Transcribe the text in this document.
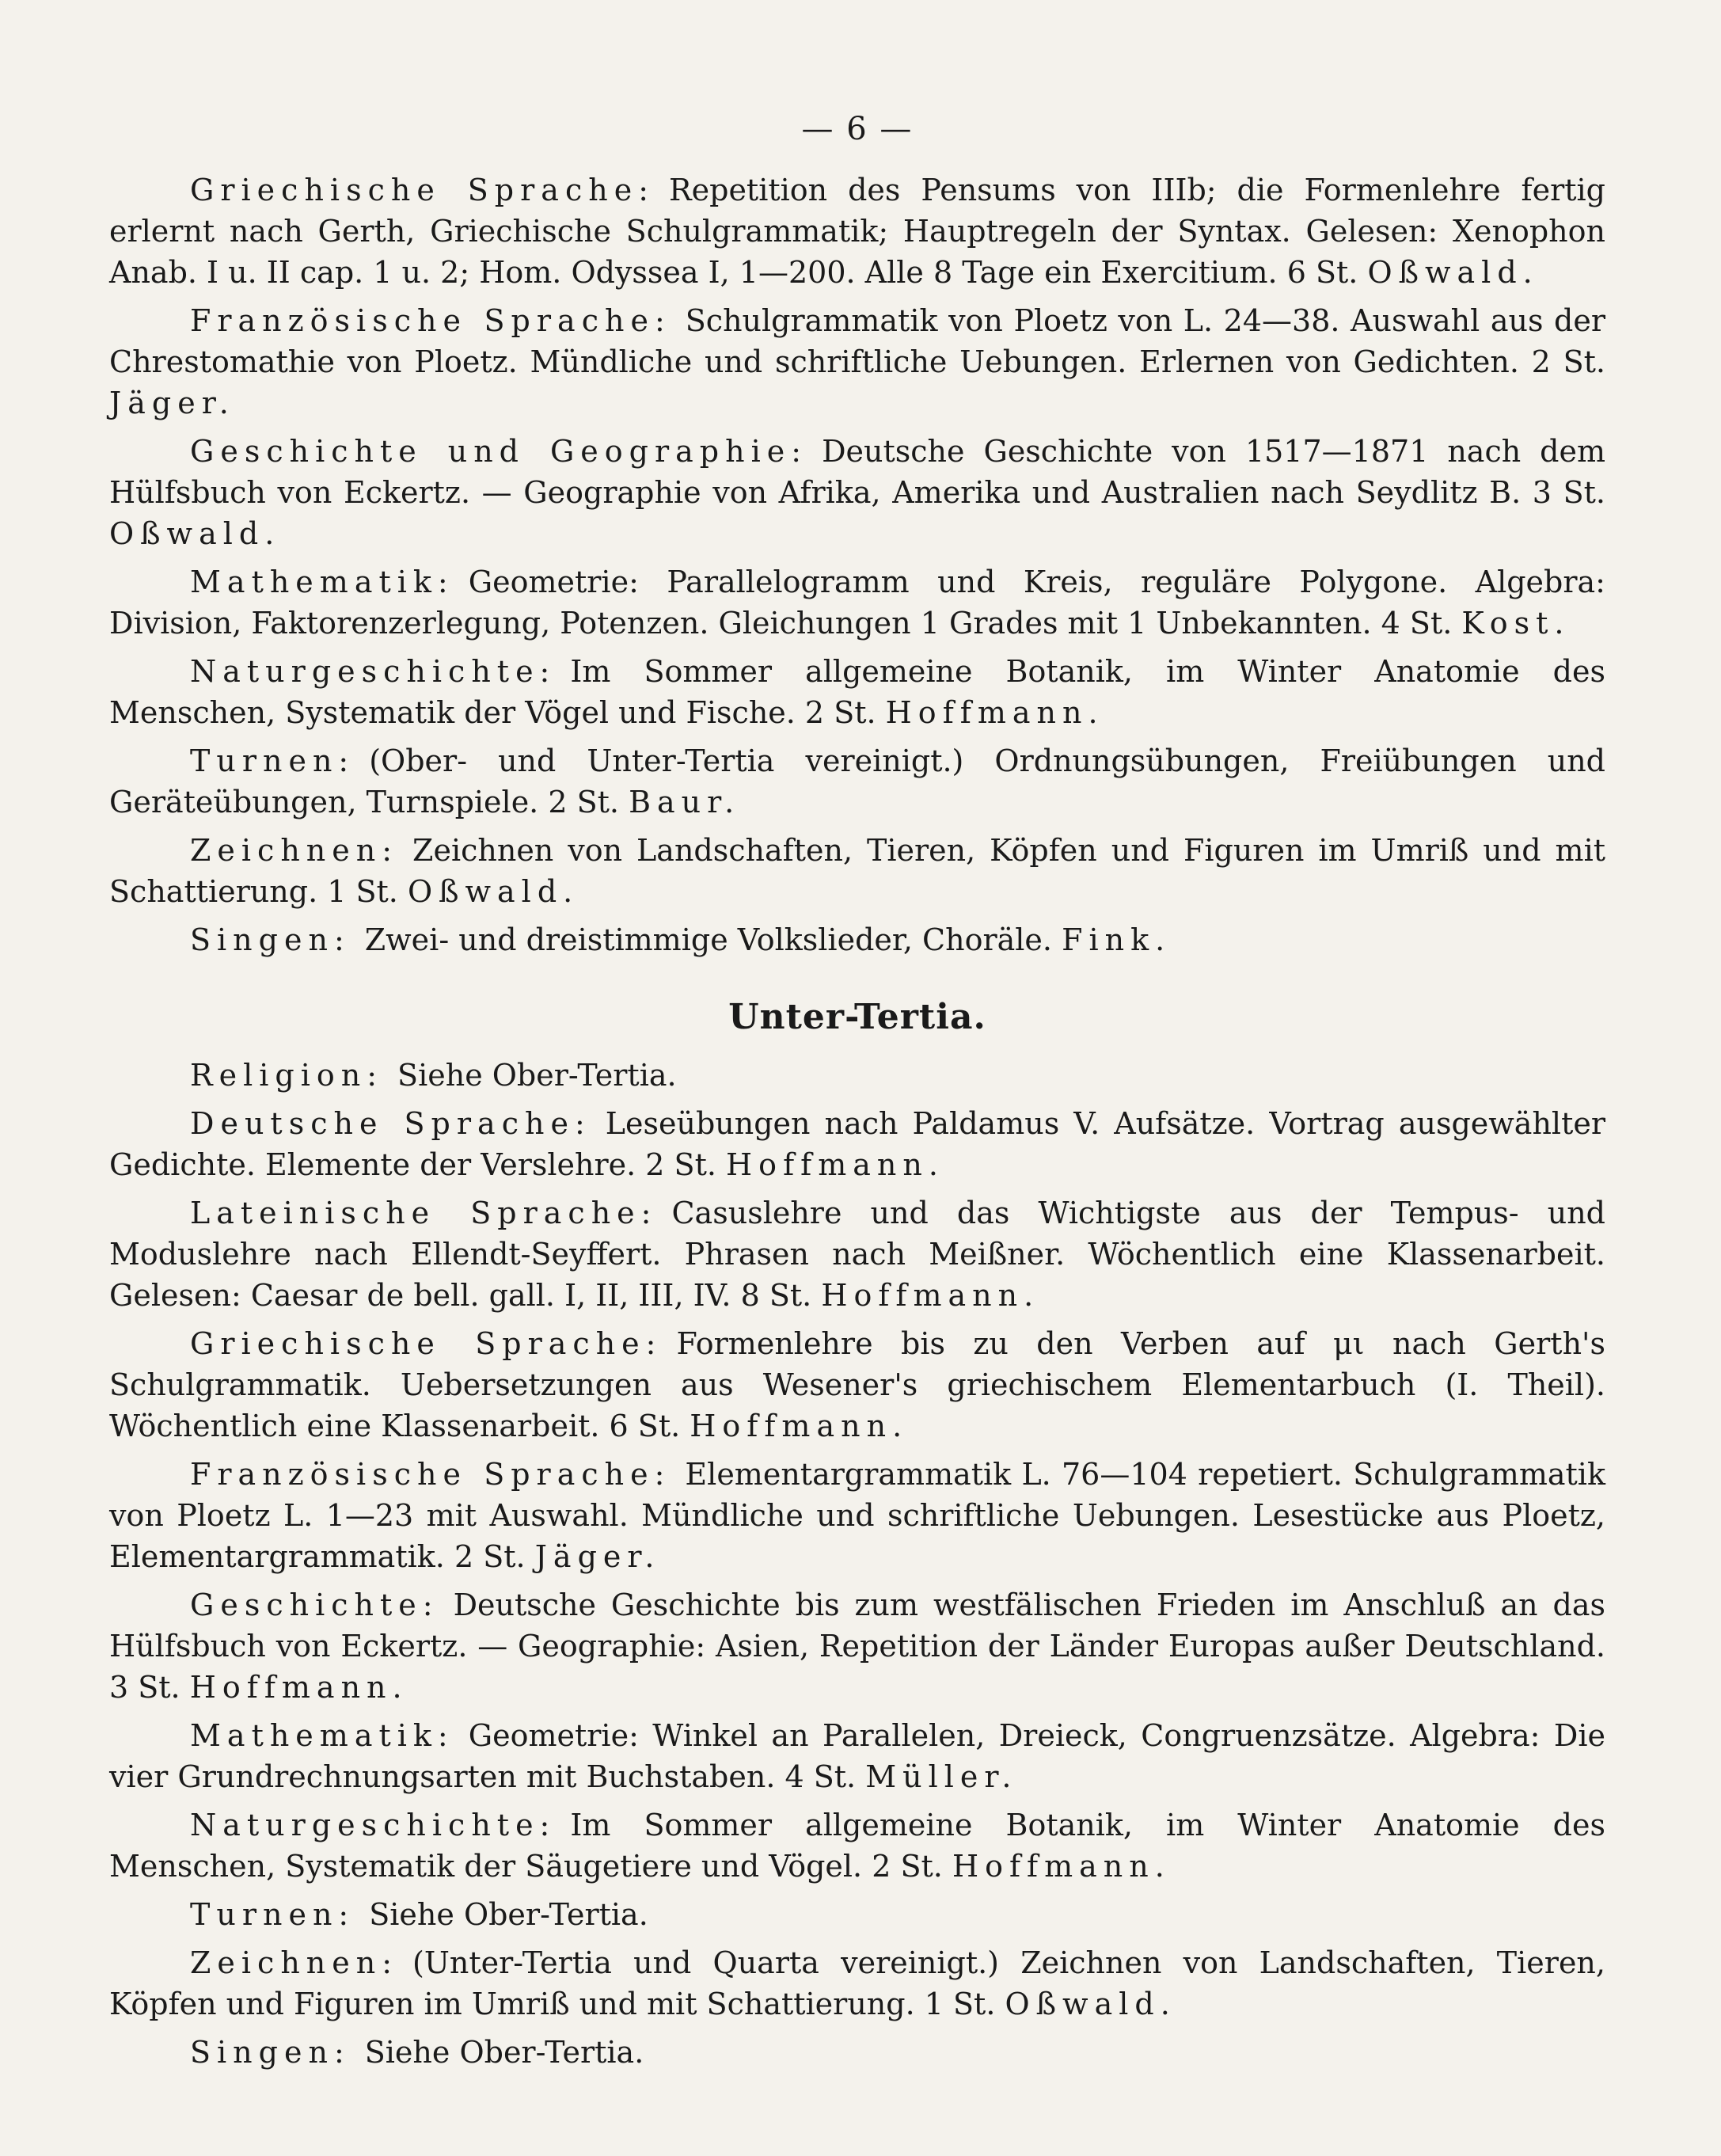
— 6 —

Griechische Sprache: Repetition des Pensums von IIIb; die Formenlehre fertig erlernt nach Gerth, Griechische Schulgrammatik; Hauptregeln der Syntax. Gelesen: Xenophon Anab. I u. II cap. 1 u. 2; Hom. Odyssea I, 1—200. Alle 8 Tage ein Exercitium. 6 St. Oßwald.

Französische Sprache: Schulgrammatik von Ploetz von L. 24—38. Auswahl aus der Chrestomathie von Ploetz. Mündliche und schriftliche Uebungen. Erlernen von Gedichten. 2 St. Jäger.

Geschichte und Geographie: Deutsche Geschichte von 1517—1871 nach dem Hülfsbuch von Eckertz. — Geographie von Afrika, Amerika und Australien nach Seydlitz B. 3 St. Oßwald.

Mathematik: Geometrie: Parallelogramm und Kreis, reguläre Polygone. Algebra: Division, Faktorenzerlegung, Potenzen. Gleichungen 1 Grades mit 1 Unbekannten. 4 St. Kost.

Naturgeschichte: Im Sommer allgemeine Botanik, im Winter Anatomie des Menschen, Systematik der Vögel und Fische. 2 St. Hoffmann.

Turnen: (Ober- und Unter-Tertia vereinigt.) Ordnungsübungen, Freiübungen und Geräteübungen, Turnspiele. 2 St. Baur.

Zeichnen: Zeichnen von Landschaften, Tieren, Köpfen und Figuren im Umriß und mit Schattierung. 1 St. Oßwald.

Singen: Zwei- und dreistimmige Volkslieder, Choräle. Fink.

Unter-Tertia.

Religion: Siehe Ober-Tertia.

Deutsche Sprache: Leseübungen nach Paldamus V. Aufsätze. Vortrag ausgewählter Gedichte. Elemente der Verslehre. 2 St. Hoffmann.

Lateinische Sprache: Casuslehre und das Wichtigste aus der Tempus- und Moduslehre nach Ellendt-Seyffert. Phrasen nach Meißner. Wöchentlich eine Klassenarbeit. Gelesen: Caesar de bell. gall. I, II, III, IV. 8 St. Hoffmann.

Griechische Sprache: Formenlehre bis zu den Verben auf μι nach Gerth's Schulgrammatik. Uebersetzungen aus Wesener's griechischem Elementarbuch (I. Theil). Wöchentlich eine Klassenarbeit. 6 St. Hoffmann.

Französische Sprache: Elementargrammatik L. 76—104 repetiert. Schulgrammatik von Ploetz L. 1—23 mit Auswahl. Mündliche und schriftliche Uebungen. Lesestücke aus Ploetz, Elementargrammatik. 2 St. Jäger.

Geschichte: Deutsche Geschichte bis zum westfälischen Frieden im Anschluß an das Hülfsbuch von Eckertz. — Geographie: Asien, Repetition der Länder Europas außer Deutschland. 3 St. Hoffmann.

Mathematik: Geometrie: Winkel an Parallelen, Dreieck, Congruenzsätze. Algebra: Die vier Grundrechnungsarten mit Buchstaben. 4 St. Müller.

Naturgeschichte: Im Sommer allgemeine Botanik, im Winter Anatomie des Menschen, Systematik der Säugetiere und Vögel. 2 St. Hoffmann.

Turnen: Siehe Ober-Tertia.

Zeichnen: (Unter-Tertia und Quarta vereinigt.) Zeichnen von Landschaften, Tieren, Köpfen und Figuren im Umriß und mit Schattierung. 1 St. Oßwald.

Singen: Siehe Ober-Tertia.
